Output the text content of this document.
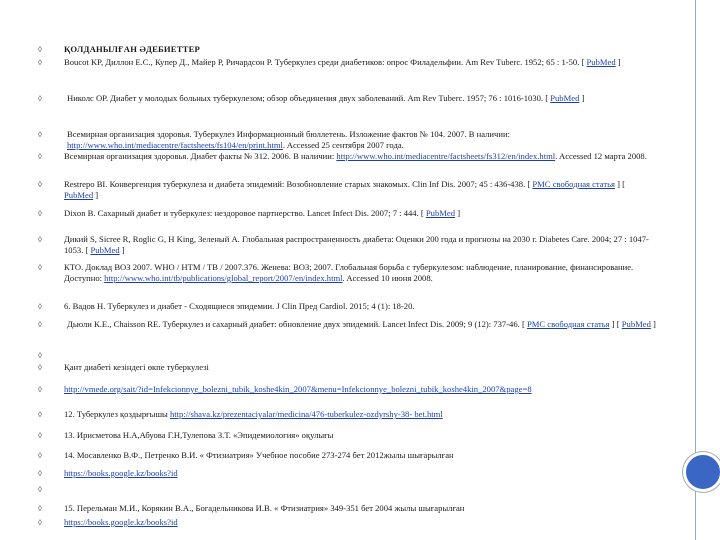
◊	ҚОЛДАНЫЛҒАН ӘДЕБИЕТТЕР
◊	Boucot KP, Диллон Е.С., Купер Д., Майер Р, Ричардсон Р. Туберкулез среди диабетиков: опрос Филадельфии. Am Rev Tuberc. 1952; 65 : 1-50. [ PubMed ]
◊	Николс ОР. Диабет у молодых больных туберкулезом; обзор объединения двух заболеваний. Am Rev Tuberc. 1957; 76 : 1016-1030. [ PubMed ]
◊	Всемирная организация здоровья. Туберкулез Информационный бюллетень. Изложение фактов № 104. 2007. В наличии: http://www.who.int/mediacentre/factsheets/fs104/en/print.html. Accessed 25 сентября 2007 года.
◊	Всемирная организация здоровья. Диабет факты № 312. 2006. В наличии: http://www.who.int/mediacentre/factsheets/fs312/en/index.html. Accessed 12 марта 2008.
◊	Restrepo BI. Конвергенция туберкулеза и диабета эпидемий: Возобновление старых знакомых. Clin Inf Dis. 2007; 45 : 436-438. [ PMC свободная статья ] [ PubMed ]
◊	Dixon B. Сахарный диабет и туберкулез: нездоровое партнерство. Lancet Infect Dis. 2007; 7 : 444. [ PubMed ]
◊	Дикий S, Sicree R, Roglic G, H King, Зеленый А. Глобальная распространенность диабета: Оценки 200 года и прогнозы на 2030 г. Diabetes Care. 2004; 27 : 1047-1053. [ PubMed ]
◊	КТО. Доклад ВОЗ 2007. WHO / HTM / TB / 2007.376. Женева: ВОЗ; 2007. Глобальная борьба с туберкулезом: наблюдение, планирование, финансирование. Доступно: http://www.who.int/tb/publications/global_report/2007/en/index.html. Accessed 10 июня 2008.
◊	6. Вадов Н. Туберкулез и диабет - Сходящиеся эпидемии. J Clin Пред Cardiol. 2015; 4 (1): 18-20.
◊	Дьюли К.Е., Chaisson RE. Туберкулез и сахарный диабет: обновление двух эпидемий. Lancet Infect Dis. 2009; 9 (12): 737-46. [ PMC свободная статья ] [ PubMed ]
◊
◊	Қант диабеті кезіндегі өкпе туберкулезі
◊	http://vmede.org/sait/?id=Infekcionnye_bolezni_tubik_koshe4kin_2007&menu=Infekcionnye_bolezni_tubik_koshe4kin_2007&page=8
◊	12. Туберкулез қоздырғышы http://shava.kz/prezentaciyalar/medicina/476-tuberkulez-ozdyrshy-38- bet.html
◊	13. Ирисметова Н.А,Абуова Г.Н,Тулепова З.Т. «Эпидемиология» оқулығы
◊	14. Мосавленко В.Ф., Петренко В.И. « Фтизиатрия» Учебное пособие 273-274 бет 2012жылы шығарылған
◊	https://books.google.kz/books?id
◊
◊	15. Перельман М.И., Корякин В.А., Богадельникова И.В. « Фтизиатрия» 349-351 бет 2004 жылы шығарылған
◊	https://books.google.kz/books?id
